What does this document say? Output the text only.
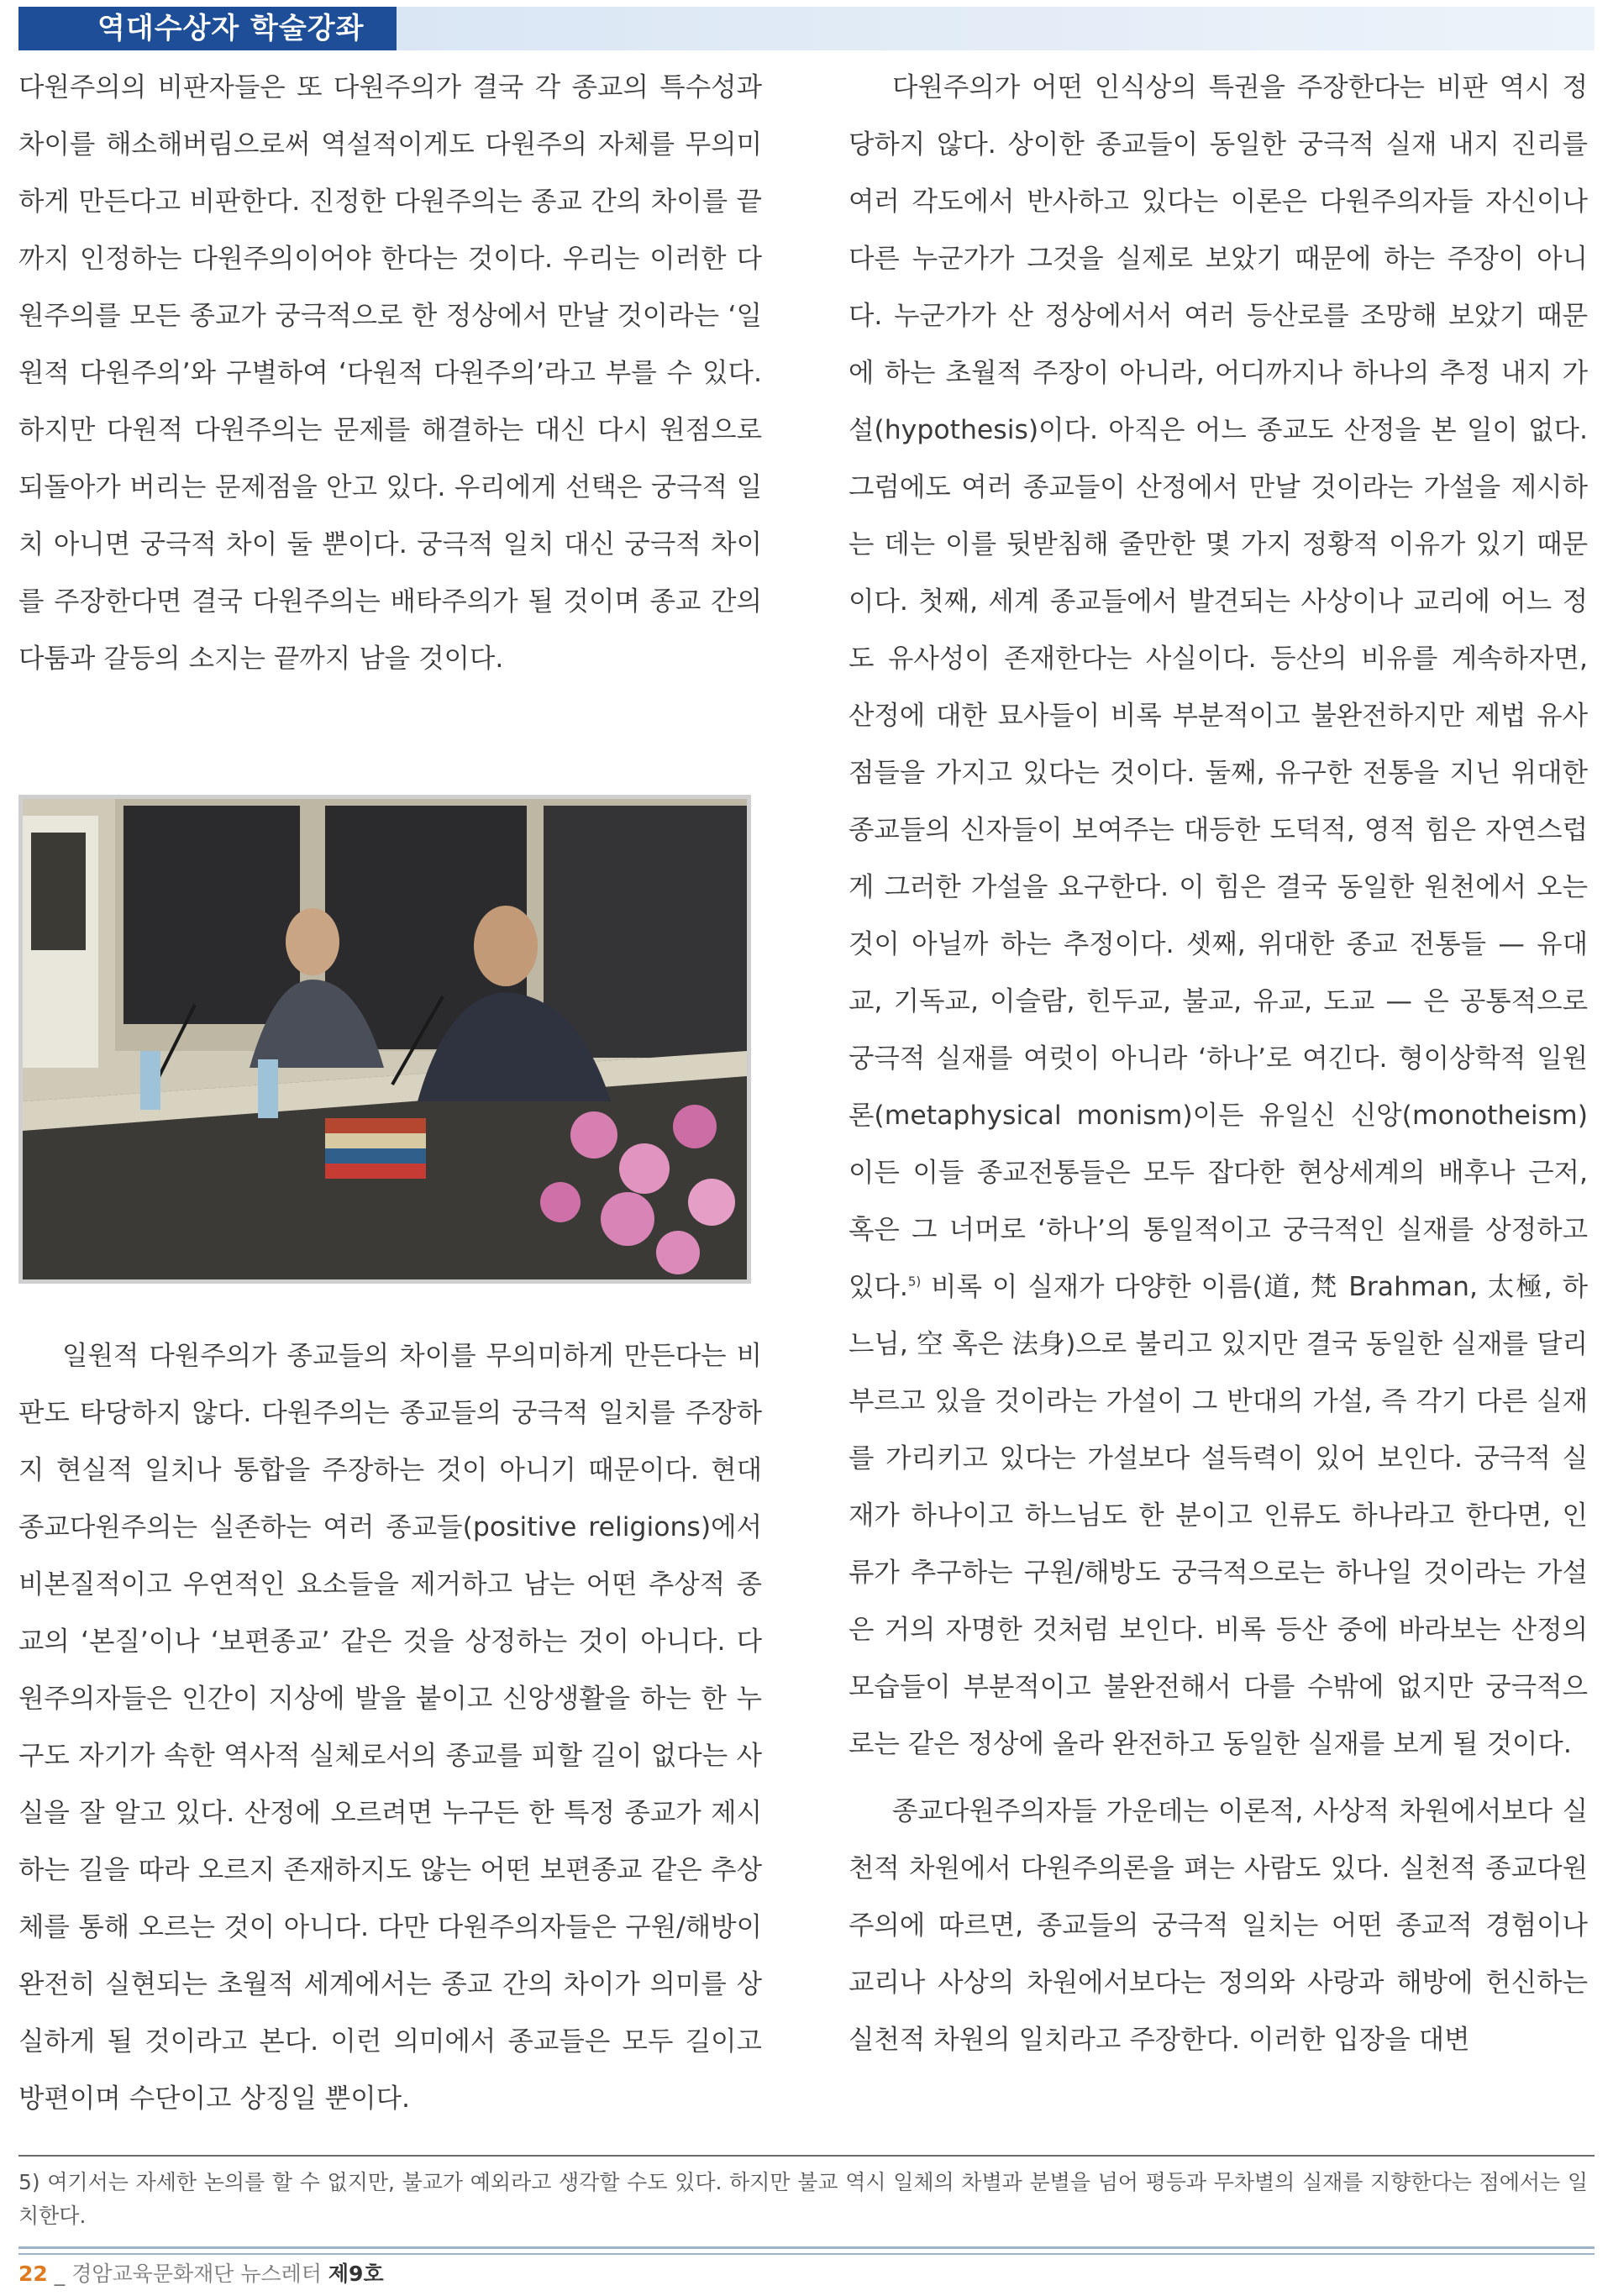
역대수상자 학술강좌

다원주의의 비판자들은 또 다원주의가 결국 각 종교의 특수성과 차이를 해소해버림으로써 역설적이게도 다원주의 자체를 무의미하게 만든다고 비판한다. 진정한 다원주의는 종교 간의 차이를 끝까지 인정하는 다원주의이어야 한다는 것이다. 우리는 이러한 다원주의를 모든 종교가 궁극적으로 한 정상에서 만날 것이라는 ‘일원적 다원주의’와 구별하여 ‘다원적 다원주의’라고 부를 수 있다. 하지만 다원적 다원주의는 문제를 해결하는 대신 다시 원점으로 되돌아가 버리는 문제점을 안고 있다. 우리에게 선택은 궁극적 일치 아니면 궁극적 차이 둘 뿐이다. 궁극적 일치 대신 궁극적 차이를 주장한다면 결국 다원주의는 배타주의가 될 것이며 종교 간의 다툼과 갈등의 소지는 끝까지 남을 것이다.

일원적 다원주의가 종교들의 차이를 무의미하게 만든다는 비판도 타당하지 않다. 다원주의는 종교들의 궁극적 일치를 주장하지 현실적 일치나 통합을 주장하는 것이 아니기 때문이다. 현대 종교다원주의는 실존하는 여러 종교들(positive religions)에서 비본질적이고 우연적인 요소들을 제거하고 남는 어떤 추상적 종교의 ‘본질’이나 ‘보편종교’ 같은 것을 상정하는 것이 아니다. 다원주의자들은 인간이 지상에 발을 붙이고 신앙생활을 하는 한 누구도 자기가 속한 역사적 실체로서의 종교를 피할 길이 없다는 사실을 잘 알고 있다. 산정에 오르려면 누구든 한 특정 종교가 제시하는 길을 따라 오르지 존재하지도 않는 어떤 보편종교 같은 추상체를 통해 오르는 것이 아니다. 다만 다원주의자들은 구원/해방이 완전히 실현되는 초월적 세계에서는 종교 간의 차이가 의미를 상실하게 될 것이라고 본다. 이런 의미에서 종교들은 모두 길이고 방편이며 수단이고 상징일 뿐이다.

다원주의가 어떤 인식상의 특권을 주장한다는 비판 역시 정당하지 않다. 상이한 종교들이 동일한 궁극적 실재 내지 진리를 여러 각도에서 반사하고 있다는 이론은 다원주의자들 자신이나 다른 누군가가 그것을 실제로 보았기 때문에 하는 주장이 아니다. 누군가가 산 정상에서서 여러 등산로를 조망해 보았기 때문에 하는 초월적 주장이 아니라, 어디까지나 하나의 추정 내지 가설(hypothesis)이다. 아직은 어느 종교도 산정을 본 일이 없다. 그럼에도 여러 종교들이 산정에서 만날 것이라는 가설을 제시하는 데는 이를 뒷받침해 줄만한 몇 가지 정황적 이유가 있기 때문이다. 첫째, 세계 종교들에서 발견되는 사상이나 교리에 어느 정도 유사성이 존재한다는 사실이다. 등산의 비유를 계속하자면, 산정에 대한 묘사들이 비록 부분적이고 불완전하지만 제법 유사점들을 가지고 있다는 것이다. 둘째, 유구한 전통을 지닌 위대한 종교들의 신자들이 보여주는 대등한 도덕적, 영적 힘은 자연스럽게 그러한 가설을 요구한다. 이 힘은 결국 동일한 원천에서 오는 것이 아닐까 하는 추정이다. 셋째, 위대한 종교 전통들 — 유대교, 기독교, 이슬람, 힌두교, 불교, 유교, 도교 — 은 공통적으로 궁극적 실재를 여럿이 아니라 ‘하나’로 여긴다. 형이상학적 일원론(metaphysical monism)이든 유일신 신앙(monotheism)이든 이들 종교전통들은 모두 잡다한 현상세계의 배후나 근저, 혹은 그 너머로 ‘하나’의 통일적이고 궁극적인 실재를 상정하고 있다.$^{5)}$ 비록 이 실재가 다양한 이름(道, 梵 Brahman, 太極, 하느님, 空 혹은 法身)으로 불리고 있지만 결국 동일한 실재를 달리 부르고 있을 것이라는 가설이 그 반대의 가설, 즉 각기 다른 실재를 가리키고 있다는 가설보다 설득력이 있어 보인다. 궁극적 실재가 하나이고 하느님도 한 분이고 인류도 하나라고 한다면, 인류가 추구하는 구원/해방도 궁극적으로는 하나일 것이라는 가설은 거의 자명한 것처럼 보인다. 비록 등산 중에 바라보는 산정의 모습들이 부분적이고 불완전해서 다를 수밖에 없지만 궁극적으로는 같은 정상에 올라 완전하고 동일한 실재를 보게 될 것이다.

종교다원주의자들 가운데는 이론적, 사상적 차원에서보다 실천적 차원에서 다원주의론을 펴는 사람도 있다. 실천적 종교다원주의에 따르면, 종교들의 궁극적 일치는 어떤 종교적 경험이나 교리나 사상의 차원에서보다는 정의와 사랑과 해방에 헌신하는 실천적 차원의 일치라고 주장한다. 이러한 입장을 대변

5) 여기서는 자세한 논의를 할 수 없지만, 불교가 예외라고 생각할 수도 있다. 하지만 불교 역시 일체의 차별과 분별을 넘어 평등과 무차별의 실재를 지향한다는 점에서는 일치한다.
22 _ 경암교육문화재단 뉴스레터 제9호
